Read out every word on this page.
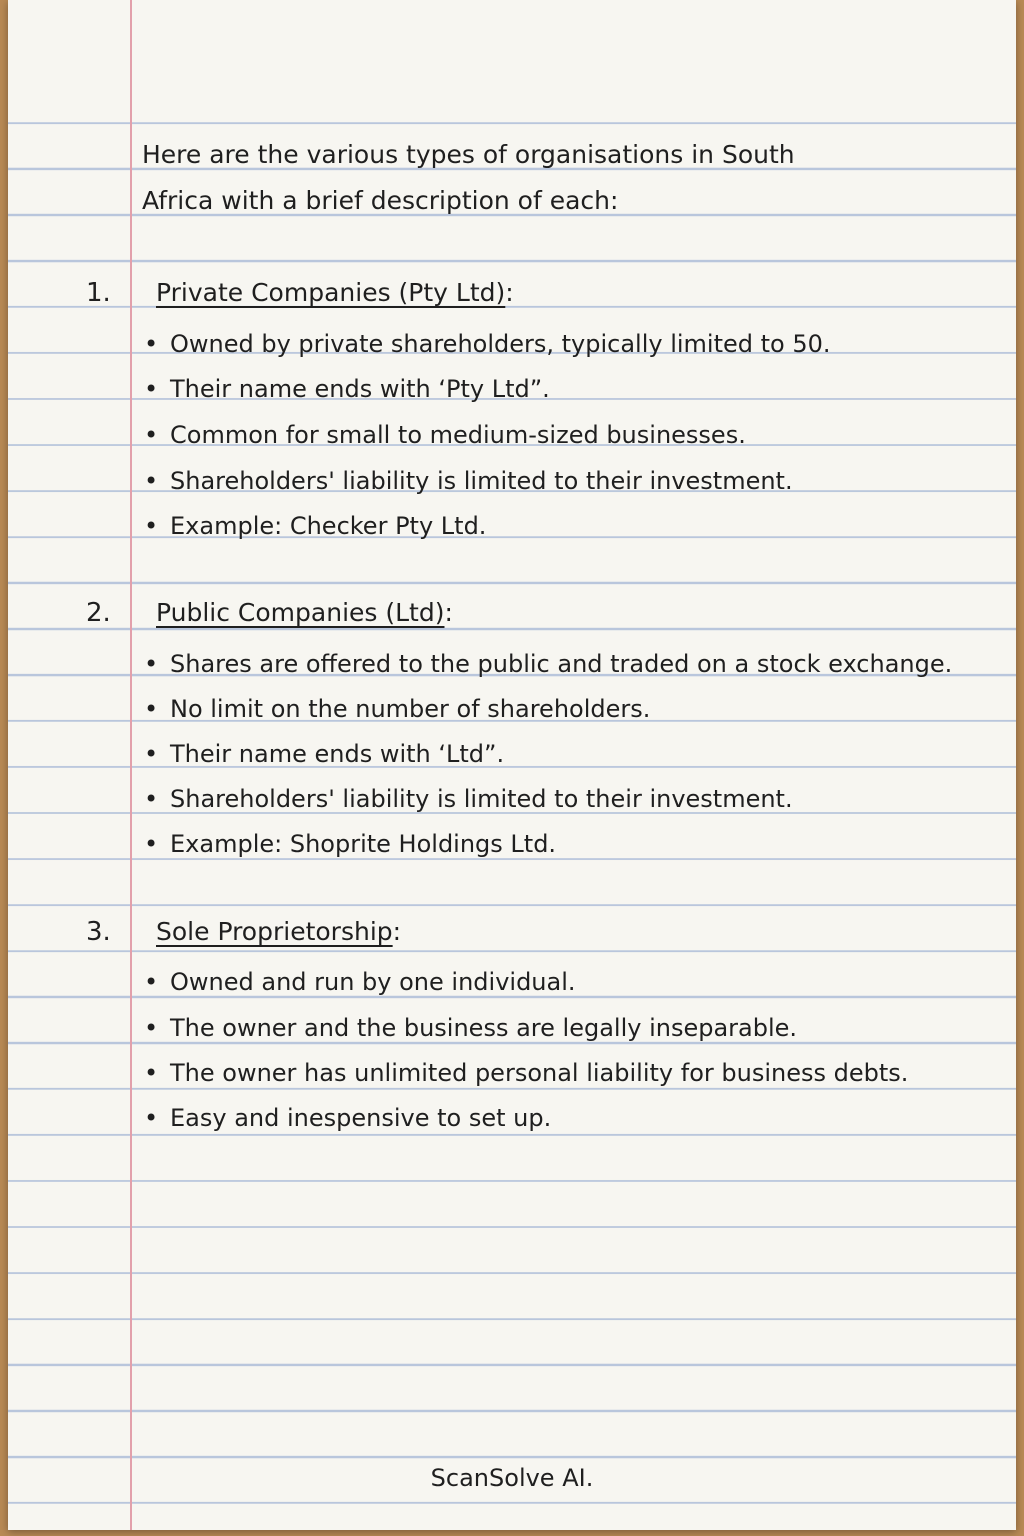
Here are the various types of organisations in South
Africa with a brief description of each:
1. Private Companies (Pty Ltd):
• Owned by private shareholders, typically limited to 50.
• Their name ends with ‘Pty Ltd”.
• Common for small to medium-sized businesses.
• Shareholders' liability is limited to their investment.
• Example: Checker Pty Ltd.
2. Public Companies (Ltd):
• Shares are offered to the public and traded on a stock exchange.
• No limit on the number of shareholders.
• Their name ends with ‘Ltd”.
• Shareholders' liability is limited to their investment.
• Example: Shoprite Holdings Ltd.
3. Sole Proprietorship:
• Owned and run by one individual.
• The owner and the business are legally inseparable.
• The owner has unlimited personal liability for business debts.
• Easy and inespensive to set up.
ScanSolve AI.
